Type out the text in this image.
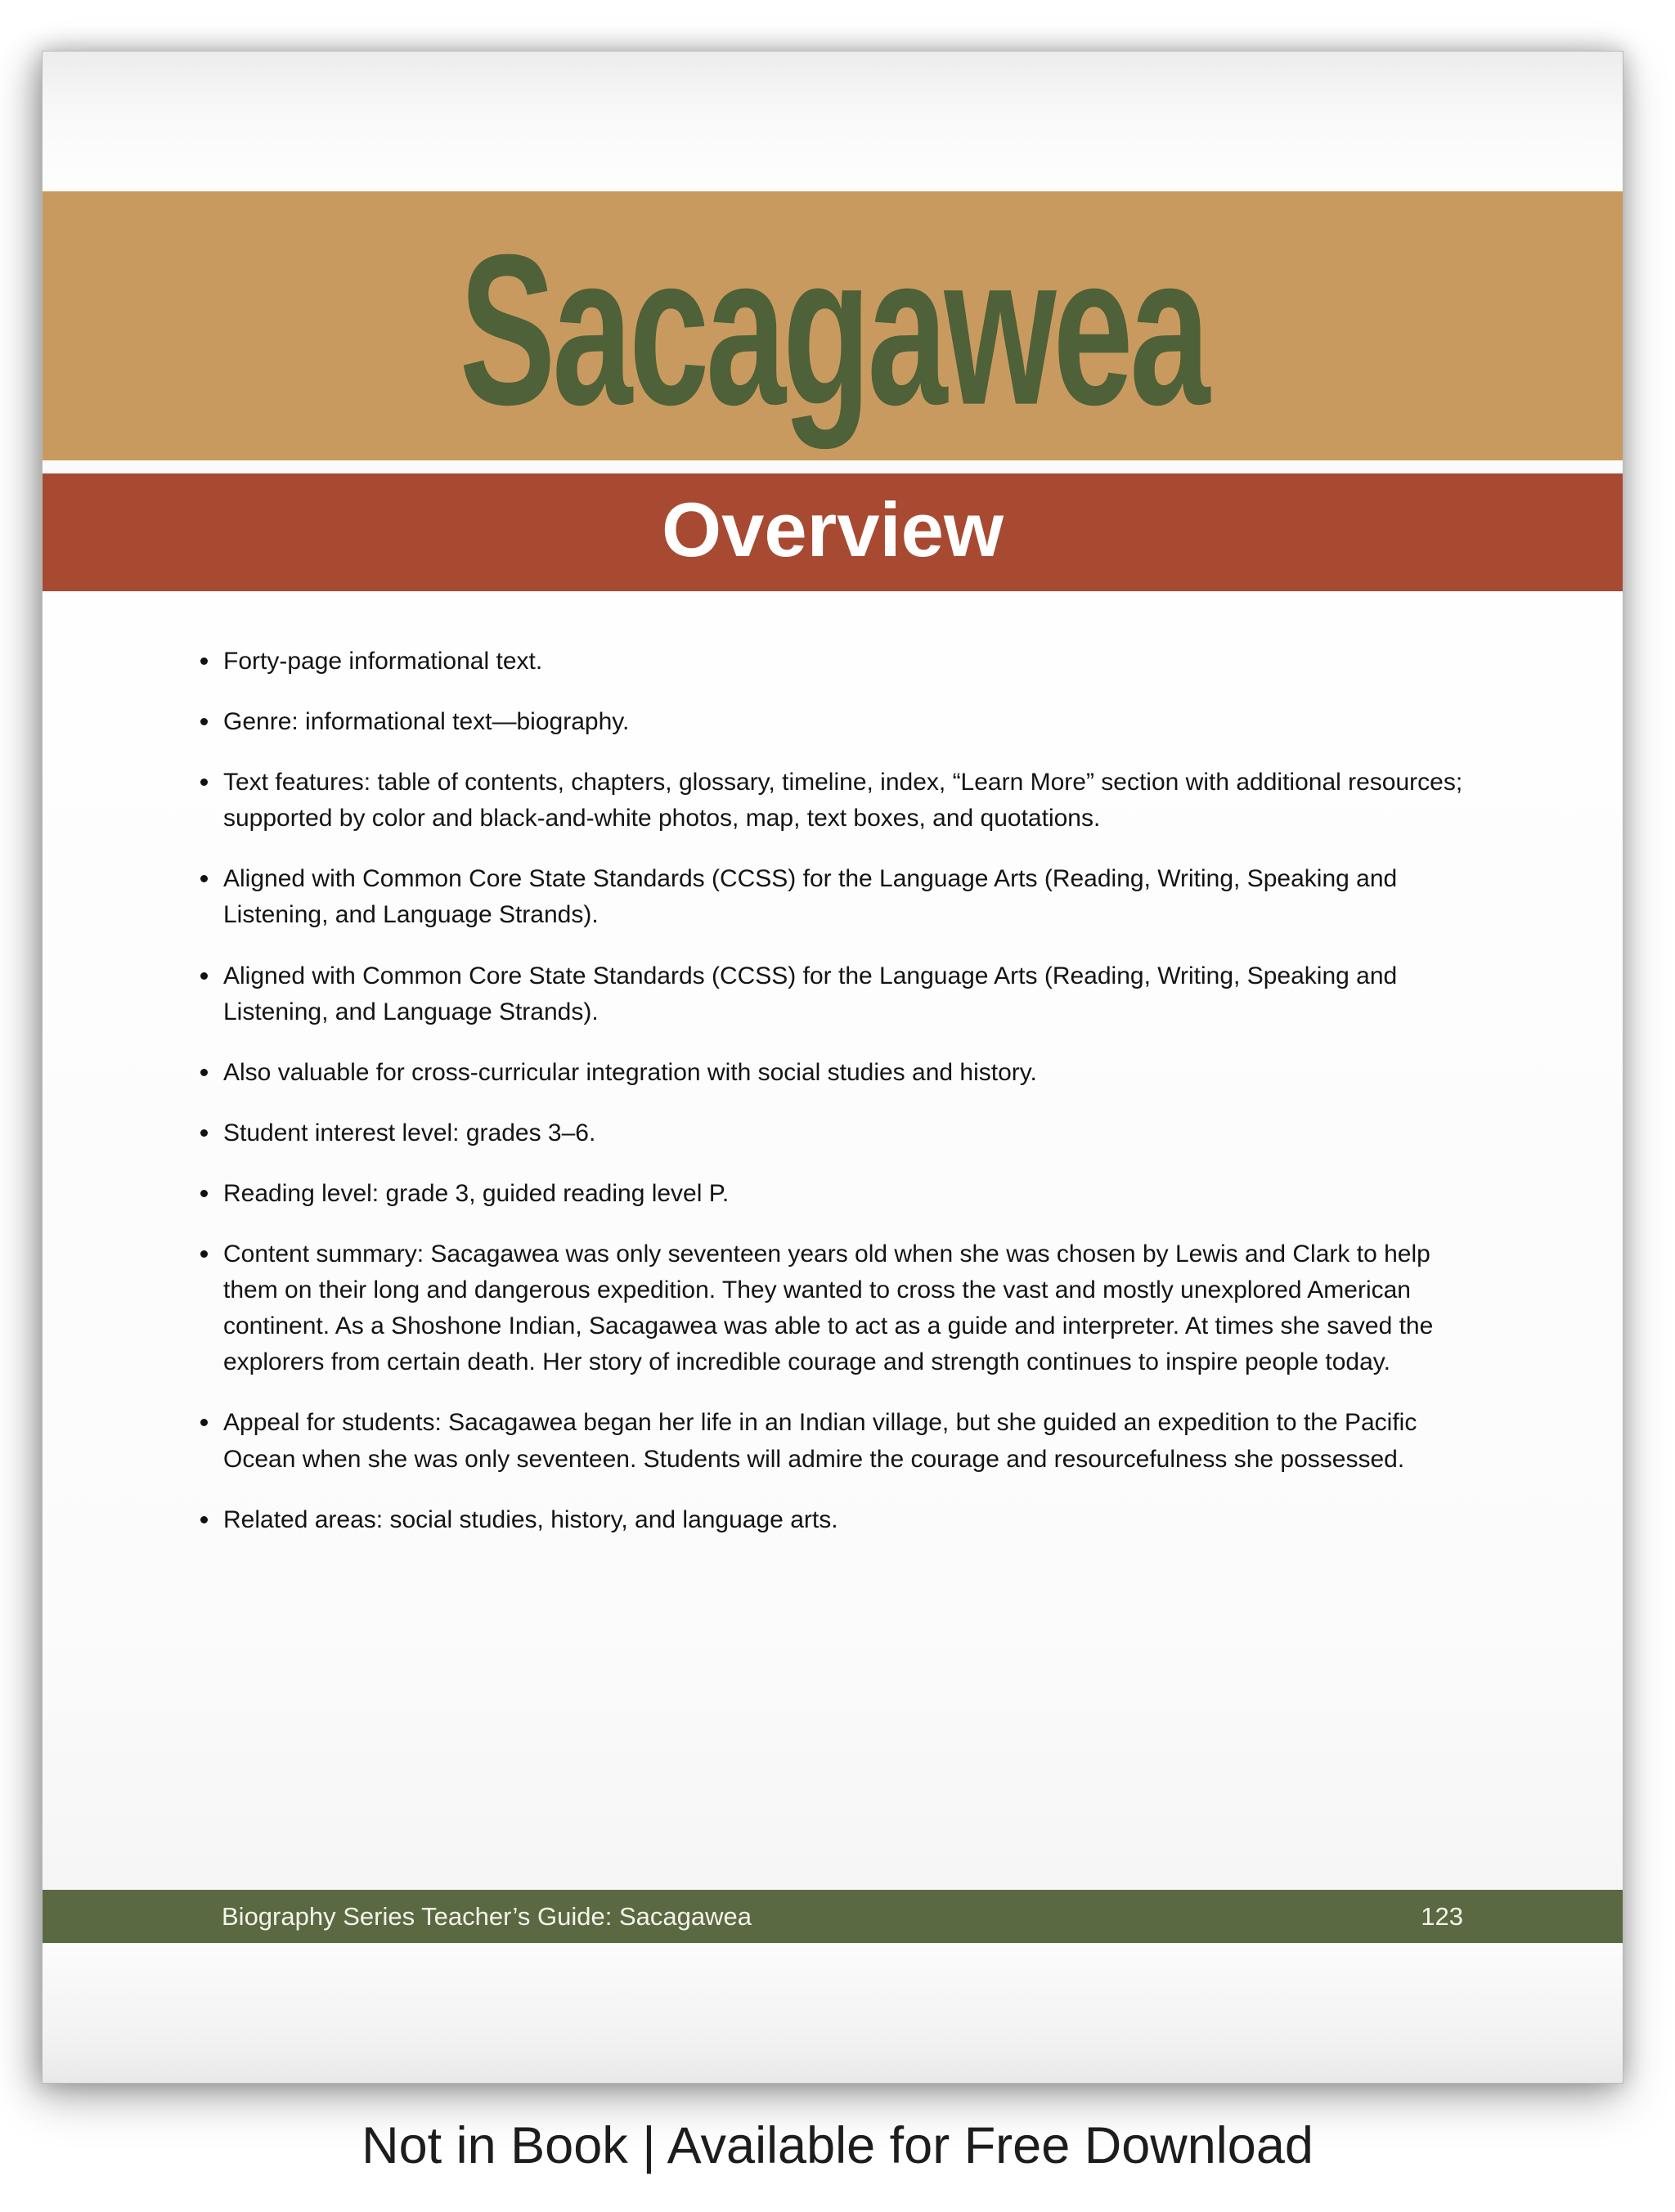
Sacagawea
Overview
Forty-page informational text.
Genre: informational text—biography.
Text features: table of contents, chapters, glossary, timeline, index, “Learn More” section with additional resources; supported by color and black-and-white photos, map, text boxes, and quotations.
Aligned with Common Core State Standards (CCSS) for the Language Arts (Reading, Writing, Speaking and Listening, and Language Strands).
Aligned with Common Core State Standards (CCSS) for the Language Arts (Reading, Writing, Speaking and Listening, and Language Strands).
Also valuable for cross-curricular integration with social studies and history.
Student interest level: grades 3–6.
Reading level: grade 3, guided reading level P.
Content summary: Sacagawea was only seventeen years old when she was chosen by Lewis and Clark to help them on their long and dangerous expedition. They wanted to cross the vast and mostly unexplored American continent. As a Shoshone Indian, Sacagawea was able to act as a guide and interpreter. At times she saved the explorers from certain death. Her story of incredible courage and strength continues to inspire people today.
Appeal for students: Sacagawea began her life in an Indian village, but she guided an expedition to the Pacific Ocean when she was only seventeen. Students will admire the courage and resourcefulness she possessed.
Related areas: social studies, history, and language arts.
Biography Series Teacher’s Guide: Sacagawea	123
Not in Book | Available for Free Download
